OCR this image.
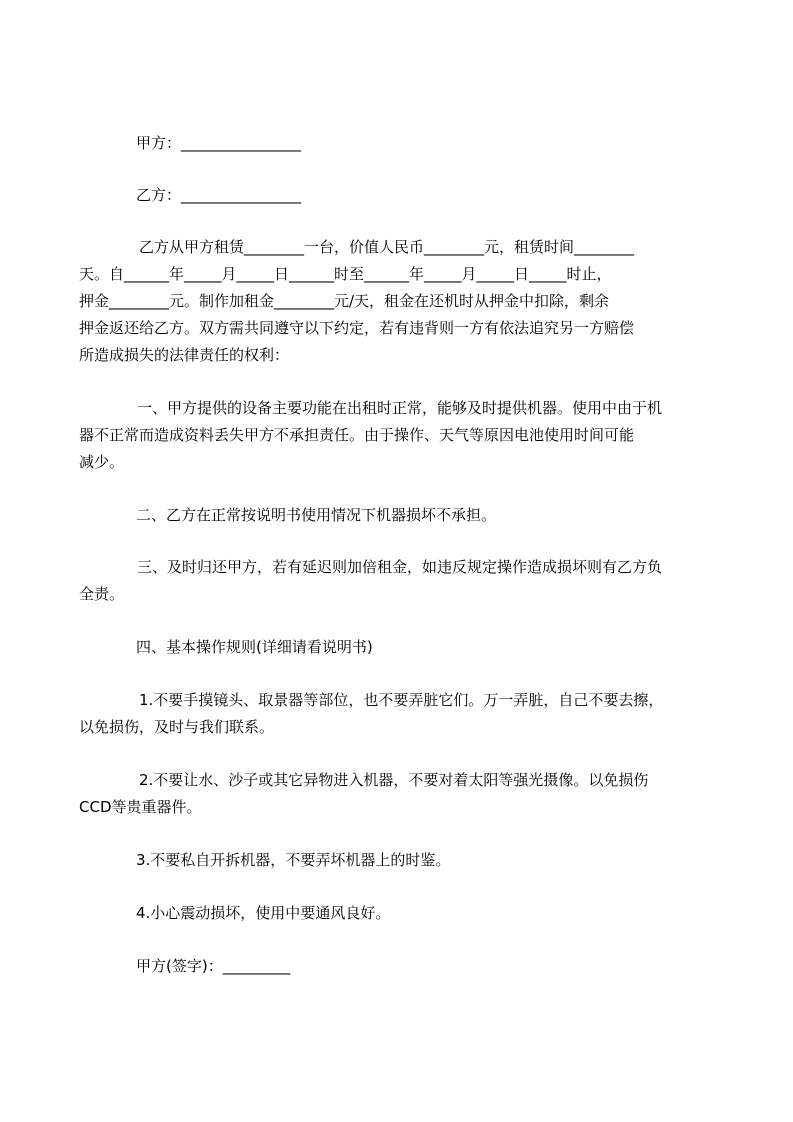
甲方：________________
乙方：________________
乙方从甲方租赁________一台，价值人民币________元，租赁时间________
天。自______年_____月_____日______时至______年_____月_____日_____时止，
押金________元。制作加租金________元/天，租金在还机时从押金中扣除，剩余
押金返还给乙方。双方需共同遵守以下约定，若有违背则一方有依法追究另一方赔偿
所造成损失的法律责任的权利：
一、甲方提供的设备主要功能在出租时正常，能够及时提供机器。使用中由于机
器不正常而造成资料丢失甲方不承担责任。由于操作、天气等原因电池使用时间可能
减少。
二、乙方在正常按说明书使用情况下机器损坏不承担。
三、及时归还甲方，若有延迟则加倍租金，如违反规定操作造成损坏则有乙方负
全责。
四、基本操作规则(详细请看说明书)
1.不要手摸镜头、取景器等部位，也不要弄脏它们。万一弄脏，自己不要去擦，
以免损伤，及时与我们联系。
2.不要让水、沙子或其它异物进入机器，不要对着太阳等强光摄像。以免损伤
CCD等贵重器件。
3.不要私自开拆机器，不要弄坏机器上的时鉴。
4.小心震动损坏，使用中要通风良好。
甲方(签字)：_________
